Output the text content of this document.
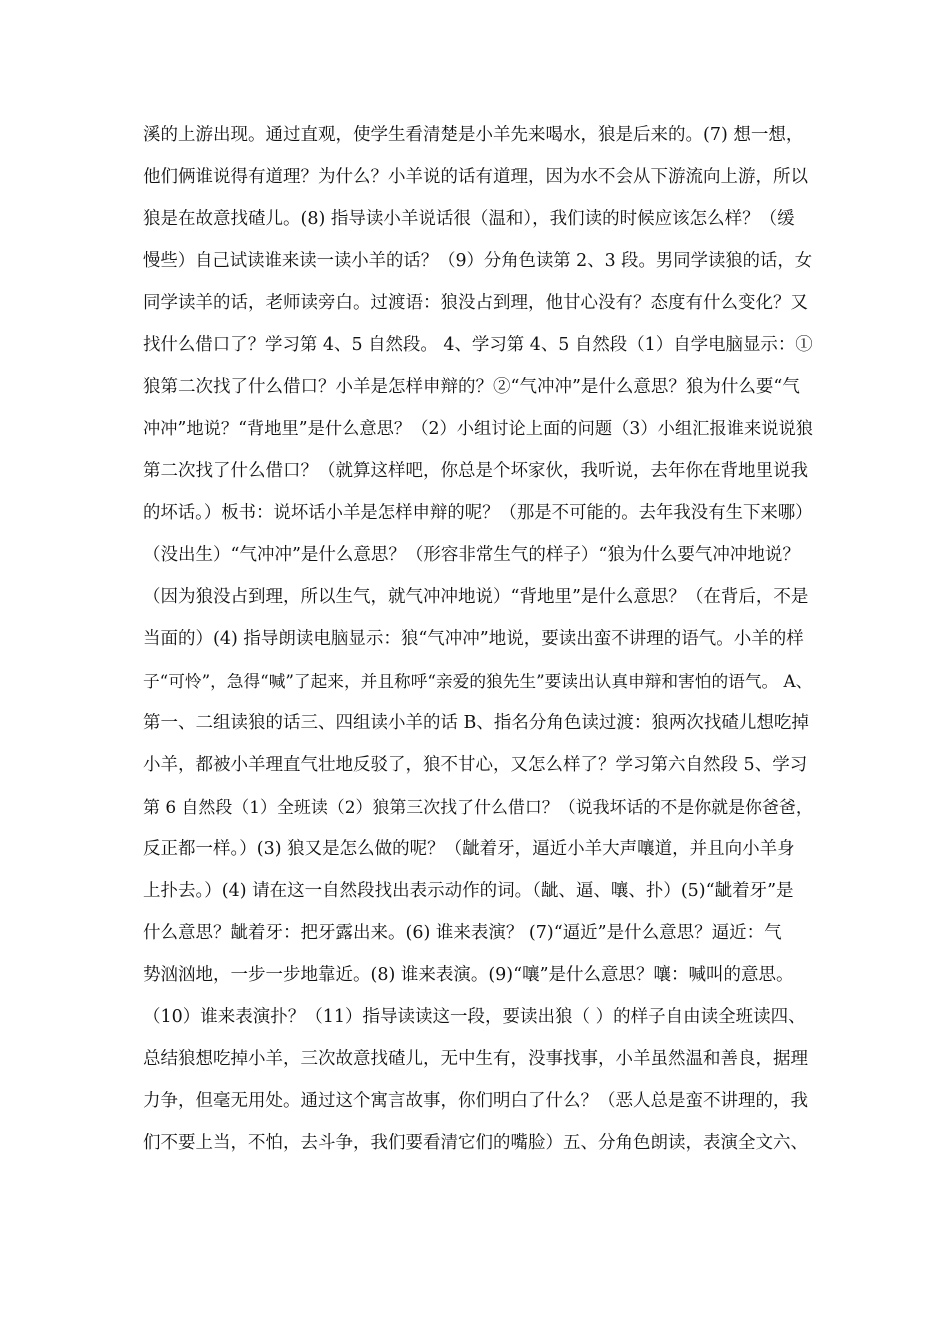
溪的上游出现。通过直观，使学生看清楚是小羊先来喝水，狼是后来的。(7) 想一想，
他们俩谁说得有道理？为什么？小羊说的话有道理，因为水不会从下游流向上游，所以
狼是在故意找碴儿。(8) 指导读小羊说话很（温和），我们读的时候应该怎么样？（缓
慢些）自己试读谁来读一读小羊的话？（9）分角色读第 2、3 段。男同学读狼的话，女
同学读羊的话，老师读旁白。过渡语：狼没占到理，他甘心没有？态度有什么变化？又
找什么借口了？学习第 4、5 自然段。 4、学习第 4、5 自然段（1）自学电脑显示：①
狼第二次找了什么借口？小羊是怎样申辩的？②“气冲冲”是什么意思？狼为什么要“气
冲冲”地说？“背地里”是什么意思？（2）小组讨论上面的问题（3）小组汇报谁来说说狼
第二次找了什么借口？（就算这样吧，你总是个坏家伙，我听说，去年你在背地里说我
的坏话。）板书：说坏话小羊是怎样申辩的呢？（那是不可能的。去年我没有生下来哪）
（没出生）“气冲冲”是什么意思？（形容非常生气的样子）“狼为什么要气冲冲地说？
（因为狼没占到理，所以生气，就气冲冲地说）“背地里”是什么意思？（在背后，不是
当面的）(4) 指导朗读电脑显示：狼“气冲冲”地说，要读出蛮不讲理的语气。小羊的样
子“可怜”，急得“喊”了起来，并且称呼“亲爱的狼先生”要读出认真申辩和害怕的语气。 A、
第一、二组读狼的话三、四组读小羊的话 B、指名分角色读过渡：狼两次找碴儿想吃掉
小羊，都被小羊理直气壮地反驳了，狼不甘心，又怎么样了？学习第六自然段 5、学习
第 6 自然段（1）全班读（2）狼第三次找了什么借口？（说我坏话的不是你就是你爸爸，
反正都一样。）(3) 狼又是怎么做的呢？（龇着牙，逼近小羊大声嚷道，并且向小羊身
上扑去。）(4) 请在这一自然段找出表示动作的词。（龇、逼、嚷、扑）(5)“龇着牙”是
什么意思？龇着牙：把牙露出来。(6) 谁来表演？ (7)“逼近”是什么意思？逼近：气
势汹汹地，一步一步地靠近。(8) 谁来表演。(9)“嚷”是什么意思？嚷：喊叫的意思。
（10）谁来表演扑？（11）指导读读这一段，要读出狼（ ）的样子自由读全班读四、
总结狼想吃掉小羊，三次故意找碴儿，无中生有，没事找事，小羊虽然温和善良，据理
力争，但毫无用处。通过这个寓言故事，你们明白了什么？（恶人总是蛮不讲理的，我
们不要上当，不怕，去斗争，我们要看清它们的嘴脸）五、分角色朗读，表演全文六、
